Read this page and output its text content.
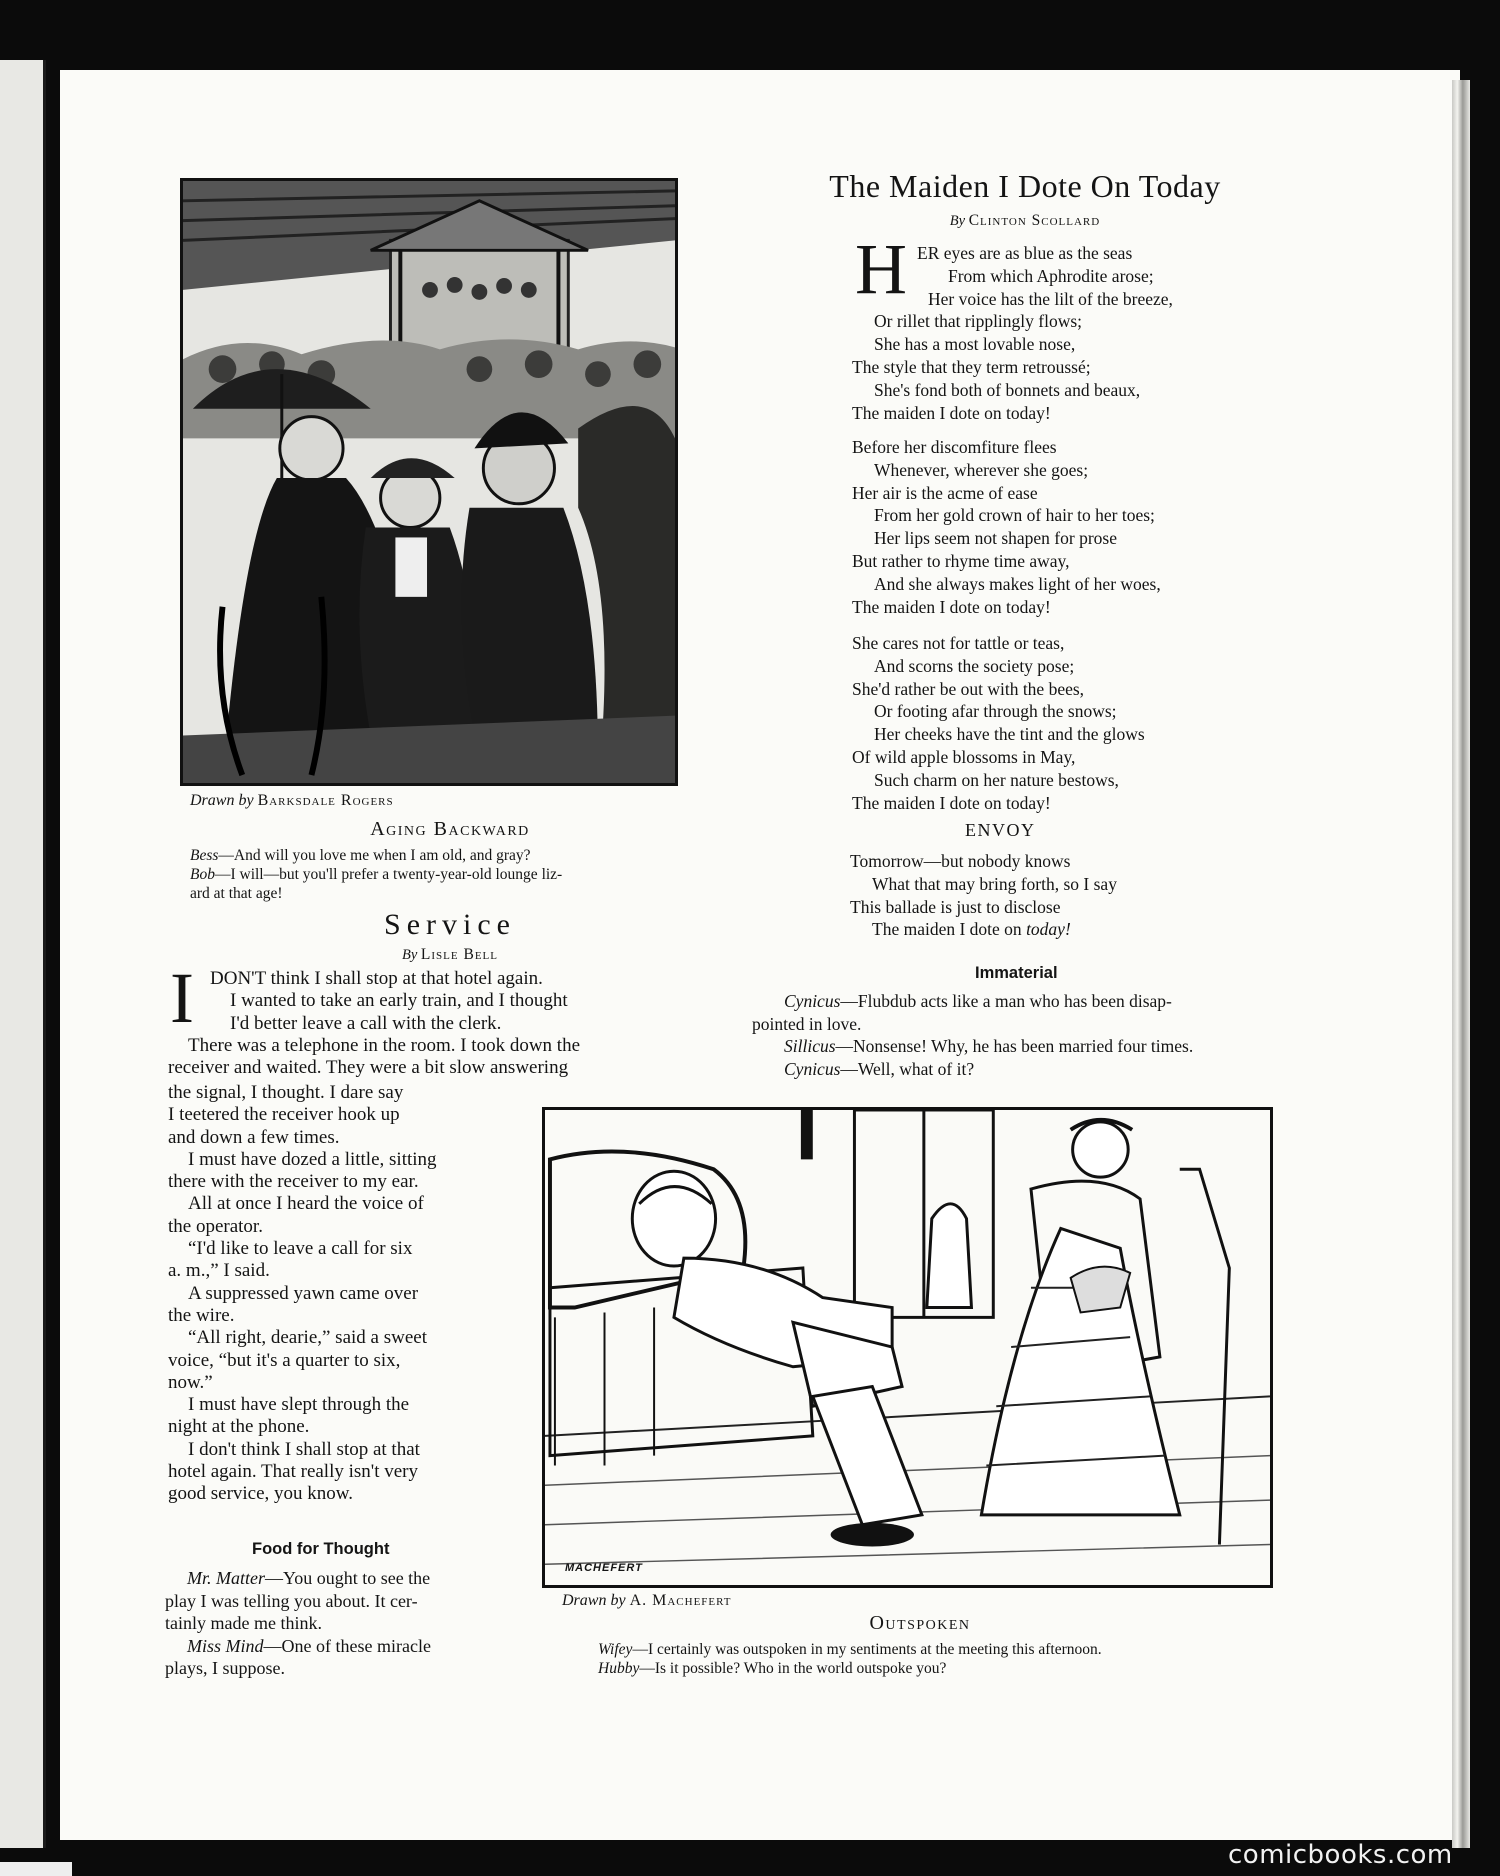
Drawn by Barksdale Rogers
Aging Backward
Bess—And will you love me when I am old, and gray?
Bob—I will—but you'll prefer a twenty-year-old lounge liz-
ard at that age!
The Maiden I Dote On Today
By Clinton Scollard
H ER eyes are as blue as the seas
From which Aphrodite arose;
Her voice has the lilt of the breeze,
Or rillet that ripplingly flows;
She has a most lovable nose,
The style that they term retroussé;
She's fond both of bonnets and beaux,
The maiden I dote on today!
Before her discomfiture flees
Whenever, wherever she goes;
Her air is the acme of ease
From her gold crown of hair to her toes;
Her lips seem not shapen for prose
But rather to rhyme time away,
And she always makes light of her woes,
The maiden I dote on today!
She cares not for tattle or teas,
And scorns the society pose;
She'd rather be out with the bees,
Or footing afar through the snows;
Her cheeks have the tint and the glows
Of wild apple blossoms in May,
Such charm on her nature bestows,
The maiden I dote on today!
ENVOY
Tomorrow—but nobody knows
What that may bring forth, so I say
This ballade is just to disclose
The maiden I dote on today!
Immaterial
Cynicus—Flubdub acts like a man who has been disap-
pointed in love.
Sillicus—Nonsense! Why, he has been married four times.
Cynicus—Well, what of it?
Service
By Lisle Bell
I DON'T think I shall stop at that hotel again.
I wanted to take an early train, and I thought
I'd better leave a call with the clerk.
There was a telephone in the room. I took down the
receiver and waited. They were a bit slow answering
the signal, I thought. I dare say
I teetered the receiver hook up
and down a few times.
I must have dozed a little, sitting
there with the receiver to my ear.
All at once I heard the voice of
the operator.
“I'd like to leave a call for six
a. m.,” I said.
A suppressed yawn came over
the wire.
“All right, dearie,” said a sweet
voice, “but it's a quarter to six,
now.”
I must have slept through the
night at the phone.
I don't think I shall stop at that
hotel again. That really isn't very
good service, you know.
Food for Thought
Mr. Matter—You ought to see the
play I was telling you about. It cer-
tainly made me think.
Miss Mind—One of these miracle
plays, I suppose.
MACHEFERT
Drawn by A. Machefert
Outspoken
Wifey—I certainly was outspoken in my sentiments at the meeting this afternoon.
Hubby—Is it possible? Who in the world outspoke you?
comicbooks.com
